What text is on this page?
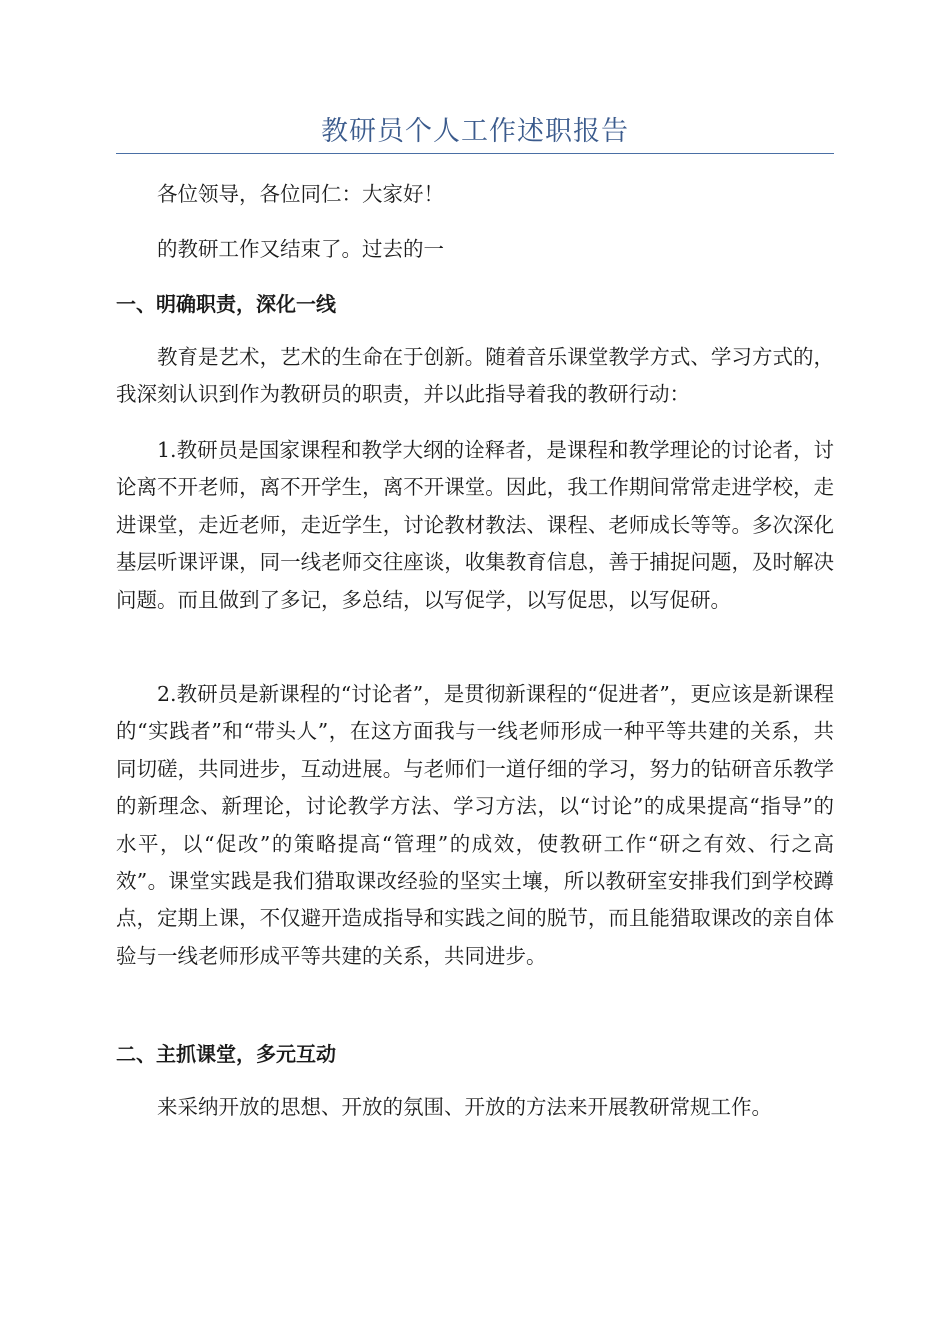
教研员个人工作述职报告

各位领导，各位同仁：大家好！

的教研工作又结束了。过去的一

一、明确职责，深化一线

教育是艺术，艺术的生命在于创新。随着音乐课堂教学方式、学习方式的，我深刻认识到作为教研员的职责，并以此指导着我的教研行动：

1.教研员是国家课程和教学大纲的诠释者，是课程和教学理论的讨论者，讨论离不开老师，离不开学生，离不开课堂。因此，我工作期间常常走进学校，走进课堂，走近老师，走近学生，讨论教材教法、课程、老师成长等等。多次深化基层听课评课，同一线老师交往座谈，收集教育信息，善于捕捉问题，及时解决问题。而且做到了多记，多总结，以写促学，以写促思，以写促研。

2.教研员是新课程的“讨论者”，是贯彻新课程的“促进者”，更应该是新课程的“实践者”和“带头人”，在这方面我与一线老师形成一种平等共建的关系，共同切磋，共同进步，互动进展。与老师们一道仔细的学习，努力的钻研音乐教学的新理念、新理论，讨论教学方法、学习方法，以“讨论”的成果提高“指导”的水平，以“促改”的策略提高“管理”的成效，使教研工作“研之有效、行之高效”。课堂实践是我们猎取课改经验的坚实土壤，所以教研室安排我们到学校蹲点，定期上课，不仅避开造成指导和实践之间的脱节，而且能猎取课改的亲自体验与一线老师形成平等共建的关系，共同进步。

二、主抓课堂，多元互动

来采纳开放的思想、开放的氛围、开放的方法来开展教研常规工作。
